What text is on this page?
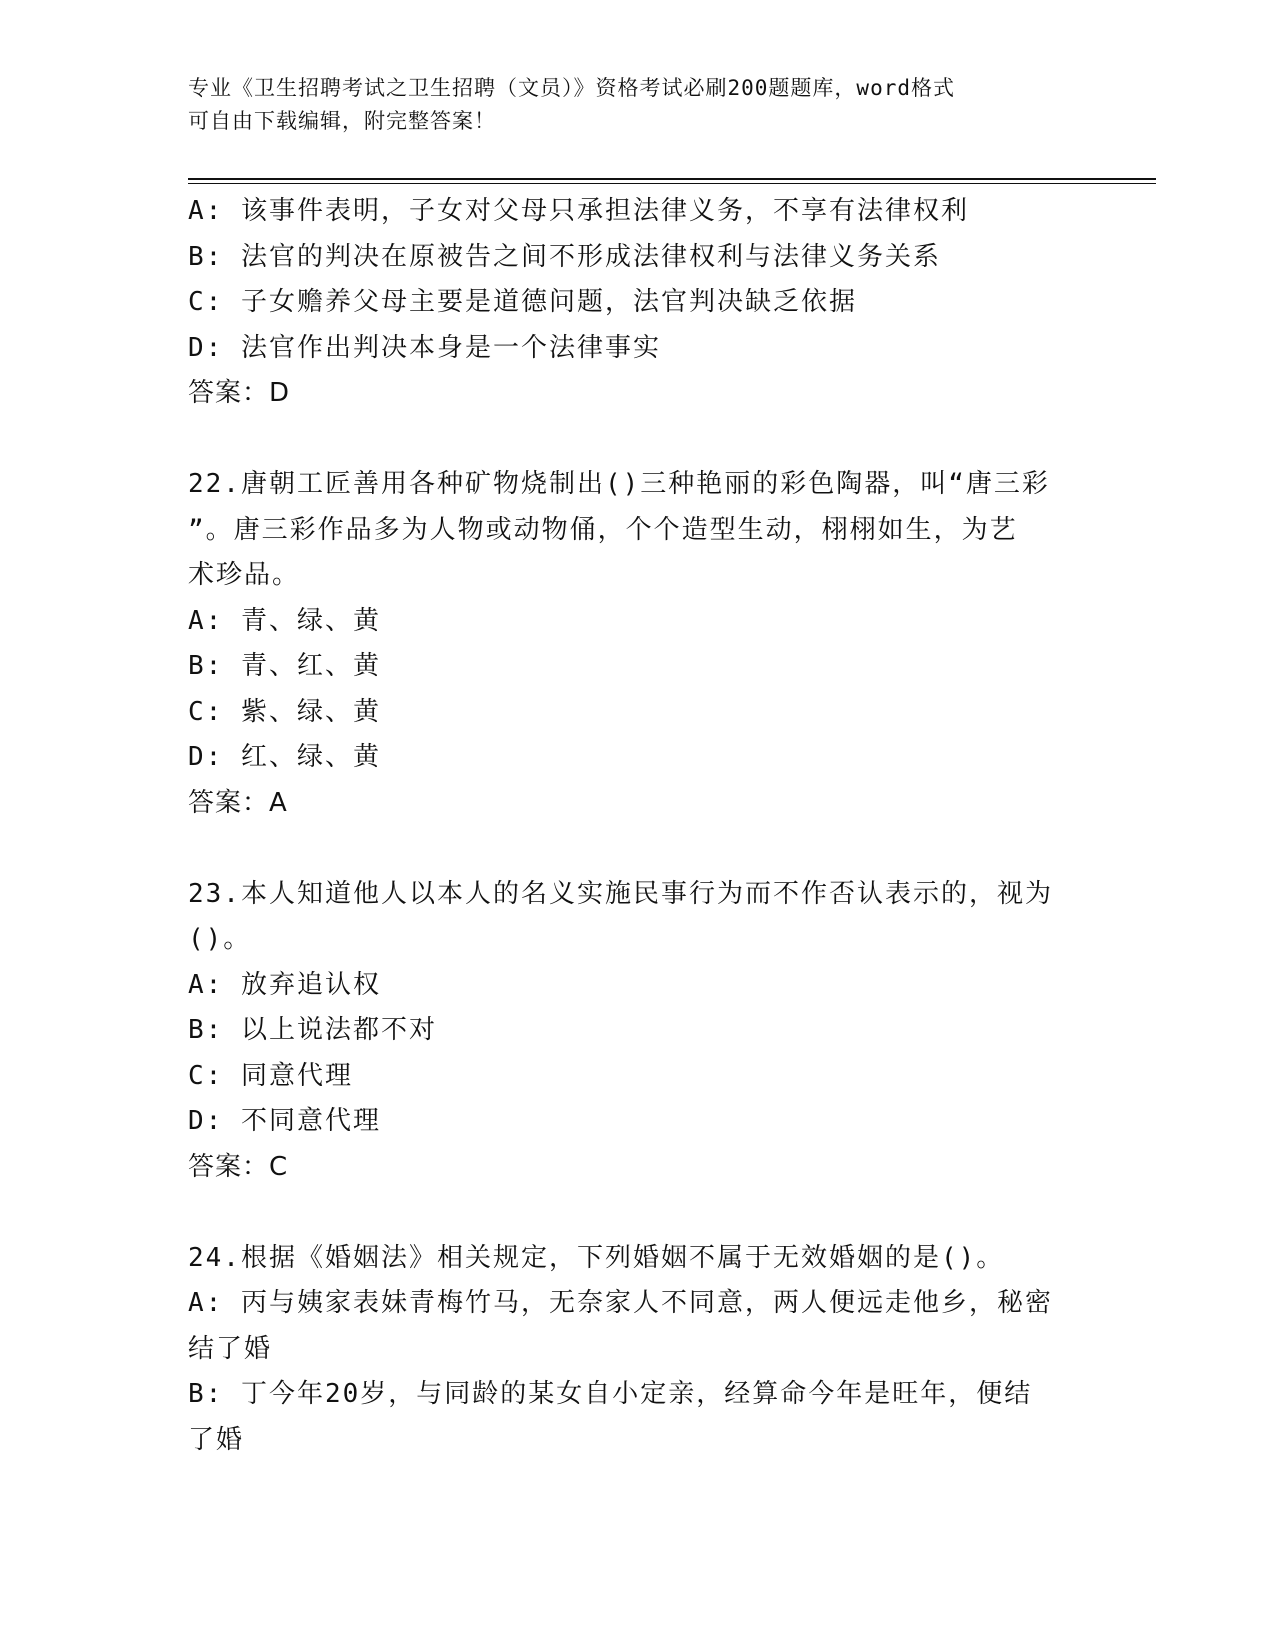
专业《卫生招聘考试之卫生招聘（文员）》资格考试必刷200题题库，word格式
可自由下载编辑，附完整答案！
A: 该事件表明，子女对父母只承担法律义务，不享有法律权利
B: 法官的判决在原被告之间不形成法律权利与法律义务关系
C: 子女赡养父母主要是道德问题，法官判决缺乏依据
D: 法官作出判决本身是一个法律事实
答案：D
22.唐朝工匠善用各种矿物烧制出()三种艳丽的彩色陶器，叫“唐三彩
”。唐三彩作品多为人物或动物俑，个个造型生动，栩栩如生，为艺
术珍品。
A: 青、绿、黄
B: 青、红、黄
C: 紫、绿、黄
D: 红、绿、黄
答案：A
23.本人知道他人以本人的名义实施民事行为而不作否认表示的，视为
()。
A: 放弃追认权
B: 以上说法都不对
C: 同意代理
D: 不同意代理
答案：C
24.根据《婚姻法》相关规定，下列婚姻不属于无效婚姻的是()。
A: 丙与姨家表妹青梅竹马，无奈家人不同意，两人便远走他乡，秘密
结了婚
B: 丁今年20岁，与同龄的某女自小定亲，经算命今年是旺年，便结
了婚
